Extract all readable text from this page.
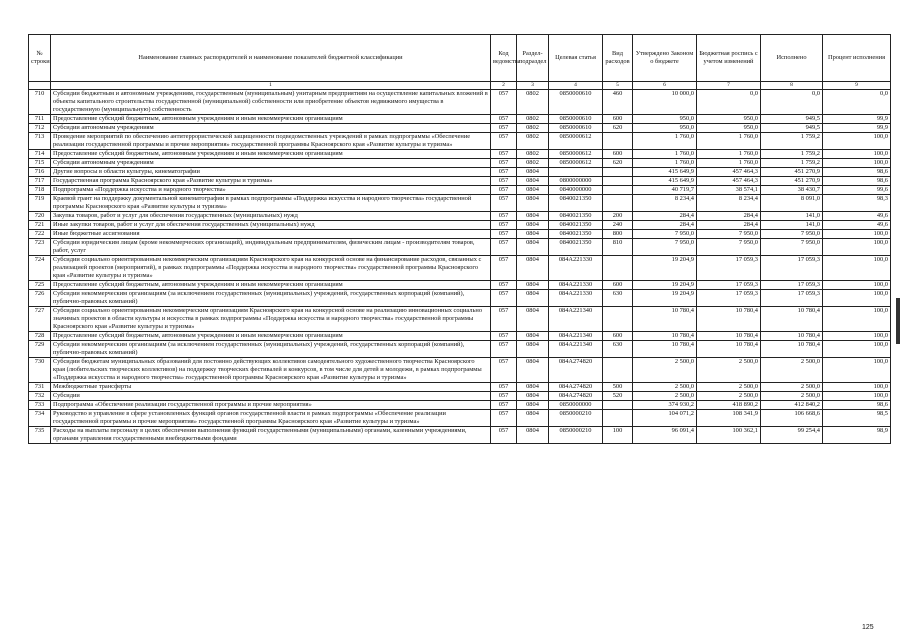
№ строки	Наименование главных распорядителей и наименование показателей бюджетной классификации	Код ведомства	Раздел-подраздел	Целевая статья	Вид расходов	Утверждено Законом о бюджете	Бюджетная роспись с учетом изменений	Исполнено	Процент исполнения
	1	2	3	4	5	6	7	8	9
710	Субсидии бюджетным и автономным учреждениям, государственным (муниципальным) унитарным предприятиям на осуществление капитальных вложений в объекты капитального строительства государственной (муниципальной) собственности или приобретение объектов недвижимого имущества в государственную (муниципальную) собственность	057	0802	0850000610	460	10 000,0	0,0	0,0	0,0
711	Предоставление субсидий бюджетным, автономным учреждениям и иным некоммерческим организациям	057	0802	0850000610	600	950,0	950,0	949,5	99,9
712	Субсидии автономным учреждениям	057	0802	0850000610	620	950,0	950,0	949,5	99,9
713	Проведение мероприятий по обеспечению антитеррористической защищенности подведомственных учреждений в рамках подпрограммы «Обеспечение реализации государственной программы и прочие мероприятия» государственной программы Красноярского края «Развитие культуры и туризма»	057	0802	0850000612		1 760,0	1 760,0	1 759,2	100,0
714	Предоставление субсидий бюджетным, автономным учреждениям и иным некоммерческим организациям	057	0802	0850000612	600	1 760,0	1 760,0	1 759,2	100,0
715	Субсидии автономным учреждениям	057	0802	0850000612	620	1 760,0	1 760,0	1 759,2	100,0
716	Другие вопросы в области культуры, кинематографии	057	0804			415 649,9	457 464,3	451 270,9	98,6
717	Государственная программа Красноярского края «Развитие культуры и туризма»	057	0804	0800000000		415 649,9	457 464,3	451 270,9	98,6
718	Подпрограмма «Поддержка искусства и народного творчества»	057	0804	0840000000		40 719,7	38 574,1	38 430,7	99,6
719	Краевой грант на поддержку документальной кинематографии в рамках подпрограммы «Поддержка искусства и народного творчества» государственной программы Красноярского края «Развитие культуры и туризма»	057	0804	0840021350		8 234,4	8 234,4	8 091,0	98,3
720	Закупка товаров, работ и услуг для обеспечения государственных (муниципальных) нужд	057	0804	0840021350	200	284,4	284,4	141,0	49,6
721	Иные закупки товаров, работ и услуг для обеспечения государственных (муниципальных) нужд	057	0804	0840021350	240	284,4	284,4	141,0	49,6
722	Иные бюджетные ассигнования	057	0804	0840021350	800	7 950,0	7 950,0	7 950,0	100,0
723	Субсидии юридическим лицам (кроме некоммерческих организаций), индивидуальным предпринимателям, физическим лицам - производителям товаров, работ, услуг	057	0804	0840021350	810	7 950,0	7 950,0	7 950,0	100,0
724	Субсидии социально ориентированным некоммерческим организациям Красноярского края на конкурсной основе на финансирование расходов, связанных с реализацией проектов (мероприятий), в рамках подпрограммы «Поддержка искусства и народного творчества» государственной программы Красноярского края «Развитие культуры и туризма»	057	0804	084A221330		19 204,9	17 059,3	17 059,3	100,0
725	Предоставление субсидий бюджетным, автономным учреждениям и иным некоммерческим организациям	057	0804	084A221330	600	19 204,9	17 059,3	17 059,3	100,0
726	Субсидии некоммерческим организациям (за исключением государственных (муниципальных) учреждений, государственных корпораций (компаний), публично-правовых компаний)	057	0804	084A221330	630	19 204,9	17 059,3	17 059,3	100,0
727	Субсидии социально ориентированным некоммерческим организациям Красноярского края на конкурсной основе на реализацию инновационных социально значимых проектов в области культуры и искусства в рамках подпрограммы «Поддержка искусства и народного творчества» государственной программы Красноярского края «Развитие культуры и туризма»	057	0804	084A221340		10 780,4	10 780,4	10 780,4	100,0
728	Предоставление субсидий бюджетным, автономным учреждениям и иным некоммерческим организациям	057	0804	084A221340	600	10 780,4	10 780,4	10 780,4	100,0
729	Субсидии некоммерческим организациям (за исключением государственных (муниципальных) учреждений, государственных корпораций (компаний), публично-правовых компаний)	057	0804	084A221340	630	10 780,4	10 780,4	10 780,4	100,0
730	Субсидии бюджетам муниципальных образований для постоянно действующих коллективов самодеятельного художественного творчества Красноярского края (любительских творческих коллективов) на поддержку творческих фестивалей и конкурсов, в том числе для детей и молодежи, в рамках подпрограммы «Поддержка искусства и народного творчества» государственной программы Красноярского края «Развитие культуры и туризма»	057	0804	084A274820		2 500,0	2 500,0	2 500,0	100,0
731	Межбюджетные трансферты	057	0804	084A274820	500	2 500,0	2 500,0	2 500,0	100,0
732	Субсидии	057	0804	084A274820	520	2 500,0	2 500,0	2 500,0	100,0
733	Подпрограмма «Обеспечение реализации государственной программы и прочие мероприятия»	057	0804	0850000000		374 930,2	418 890,2	412 840,2	98,6
734	Руководство и управление в сфере установленных функций органов государственной власти в рамках подпрограммы «Обеспечение реализации государственной программы и прочие мероприятия» государственной программы Красноярского края «Развитие культуры и туризма»	057	0804	0850000210		104 071,2	108 341,9	106 668,6	98,5
735	Расходы на выплаты персоналу в целях обеспечения выполнения функций государственными (муниципальными) органами, казенными учреждениями, органами управления государственными внебюджетными фондами	057	0804	0850000210	100	96 091,4	100 362,1	99 254,4	98,9
125
